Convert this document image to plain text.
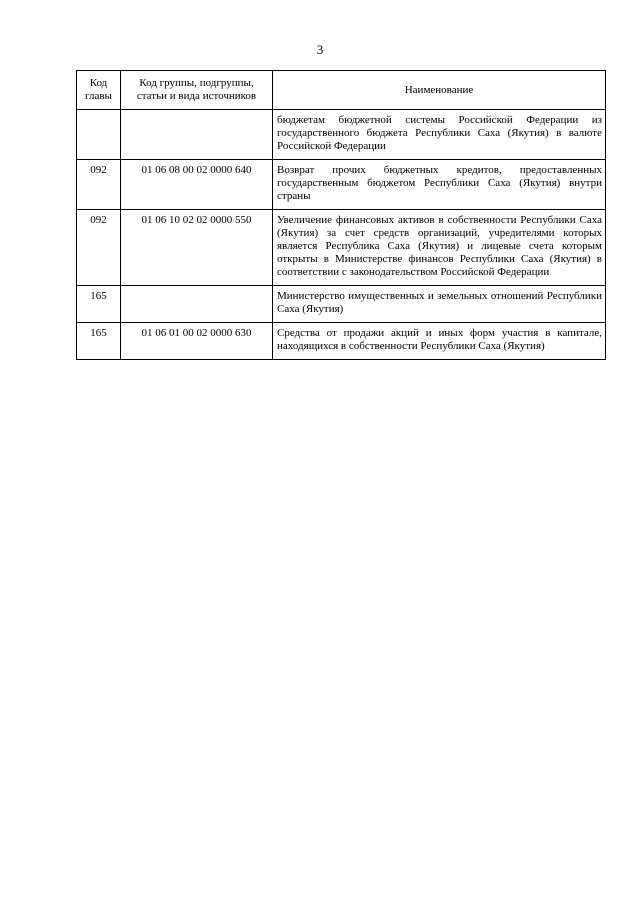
3
Код главы	Код группы, подгруппы, статьи и вида источников	Наименование
		бюджетам бюджетной системы Российской Федерации из государственного бюджета Республики Саха (Якутия) в валюте Российской Федерации
092	01 06 08 00 02 0000 640	Возврат прочих бюджетных кредитов, предоставленных государственным бюджетом Республики Саха (Якутия) внутри страны
092	01 06 10 02 02 0000 550	Увеличение финансовых активов в собственности Республики Саха (Якутия) за счет средств организаций, учредителями которых является Республика Саха (Якутия) и лицевые счета которым открыты в Министерстве финансов Республики Саха (Якутия) в соответствии с законодательством Российской Федерации
165		Министерство имущественных и земельных отношений Республики Саха (Якутия)
165	01 06 01 00 02 0000 630	Средства от продажи акций и иных форм участия в капитале, находящихся в собственности Республики Саха (Якутия)
